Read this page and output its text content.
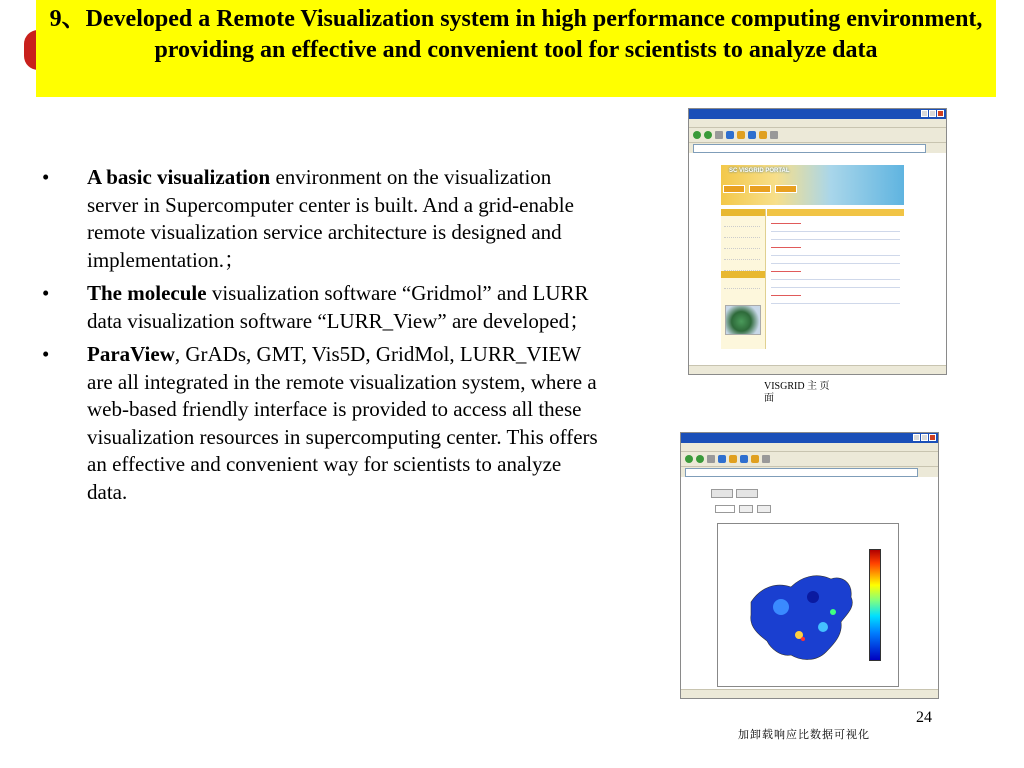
9、Developed a Remote Visualization system in high performance computing environment, providing an effective and convenient tool for scientists to analyze data
• A basic visualization environment on the visualization server in Supercomputer center is built. And a grid-enable remote visualization service architecture is designed and implementation.；
• The molecule visualization software “Gridmol” and LURR data visualization software “LURR_View” are developed；
• ParaView, GrADs, GMT, Vis5D, GridMol, LURR_VIEW are all integrated in the remote visualization system, where a web-based friendly interface is provided to access all these visualization resources in supercomputing center. This offers an effective and convenient way for scientists to analyze data.
SC VISGRID PORTAL
VISGRID 主 页面
24
加卸载响应比数据可视化
